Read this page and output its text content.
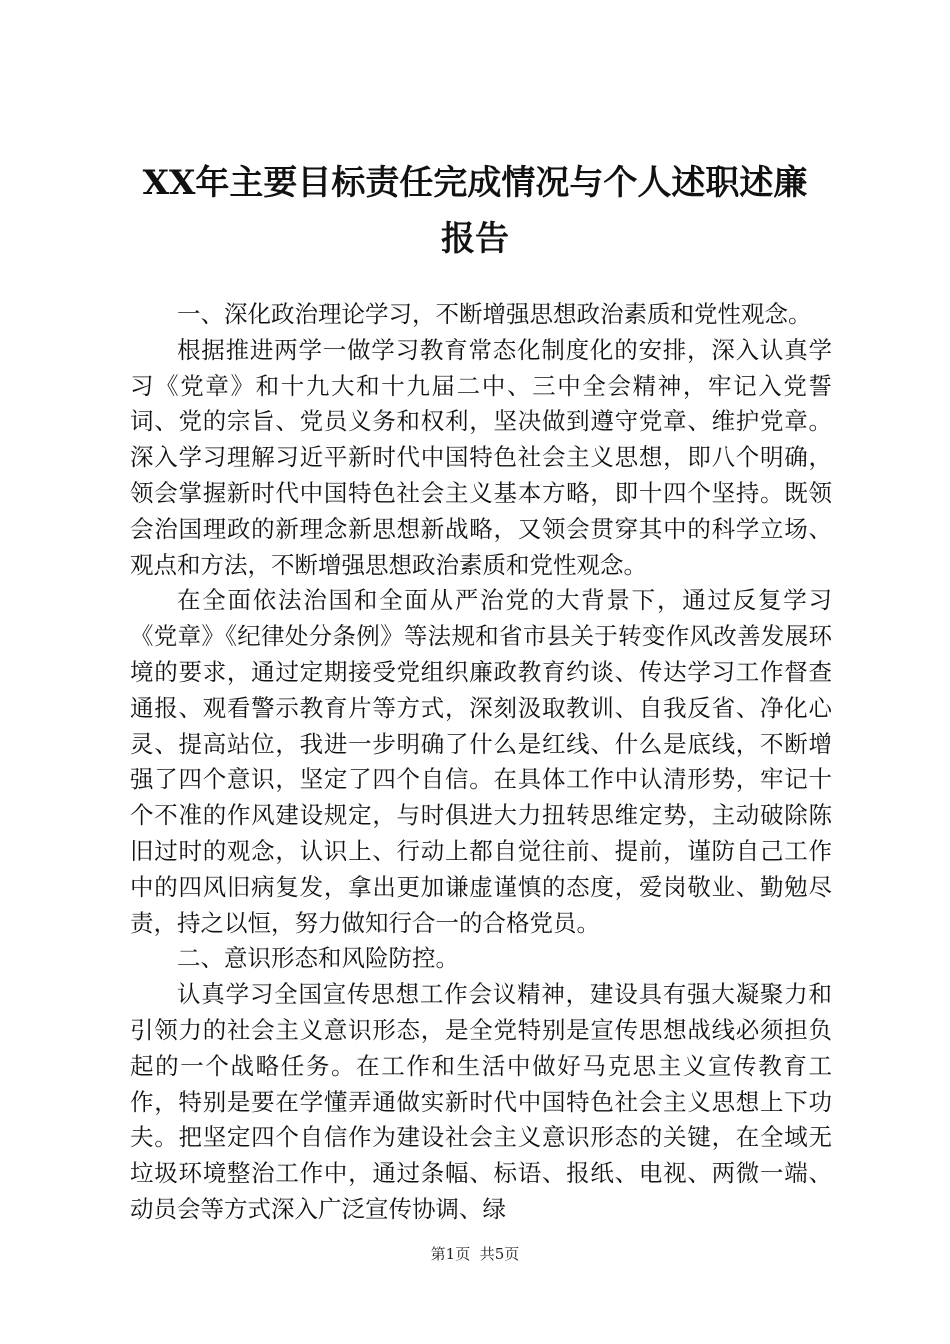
XX年主要目标责任完成情况与个人述职述廉
报告

一、深化政治理论学习，不断增强思想政治素质和党性观念。

根据推进两学一做学习教育常态化制度化的安排，深入认真学习《党章》和十九大和十九届二中、三中全会精神，牢记入党誓词、党的宗旨、党员义务和权利，坚决做到遵守党章、维护党章。深入学习理解习近平新时代中国特色社会主义思想，即八个明确，领会掌握新时代中国特色社会主义基本方略，即十四个坚持。既领会治国理政的新理念新思想新战略，又领会贯穿其中的科学立场、观点和方法，不断增强思想政治素质和党性观念。

在全面依法治国和全面从严治党的大背景下，通过反复学习《党章》《纪律处分条例》等法规和省市县关于转变作风改善发展环境的要求，通过定期接受党组织廉政教育约谈、传达学习工作督查通报、观看警示教育片等方式，深刻汲取教训、自我反省、净化心灵、提高站位，我进一步明确了什么是红线、什么是底线，不断增强了四个意识，坚定了四个自信。在具体工作中认清形势，牢记十个不准的作风建设规定，与时俱进大力扭转思维定势，主动破除陈旧过时的观念，认识上、行动上都自觉往前、提前，谨防自己工作中的四风旧病复发，拿出更加谦虚谨慎的态度，爱岗敬业、勤勉尽责，持之以恒，努力做知行合一的合格党员。

二、意识形态和风险防控。

认真学习全国宣传思想工作会议精神，建设具有强大凝聚力和引领力的社会主义意识形态，是全党特别是宣传思想战线必须担负起的一个战略任务。在工作和生活中做好马克思主义宣传教育工作，特别是要在学懂弄通做实新时代中国特色社会主义思想上下功夫。把坚定四个自信作为建设社会主义意识形态的关键，在全域无垃圾环境整治工作中，通过条幅、标语、报纸、电视、两微一端、动员会等方式深入广泛宣传协调、绿

第1页 共5页
